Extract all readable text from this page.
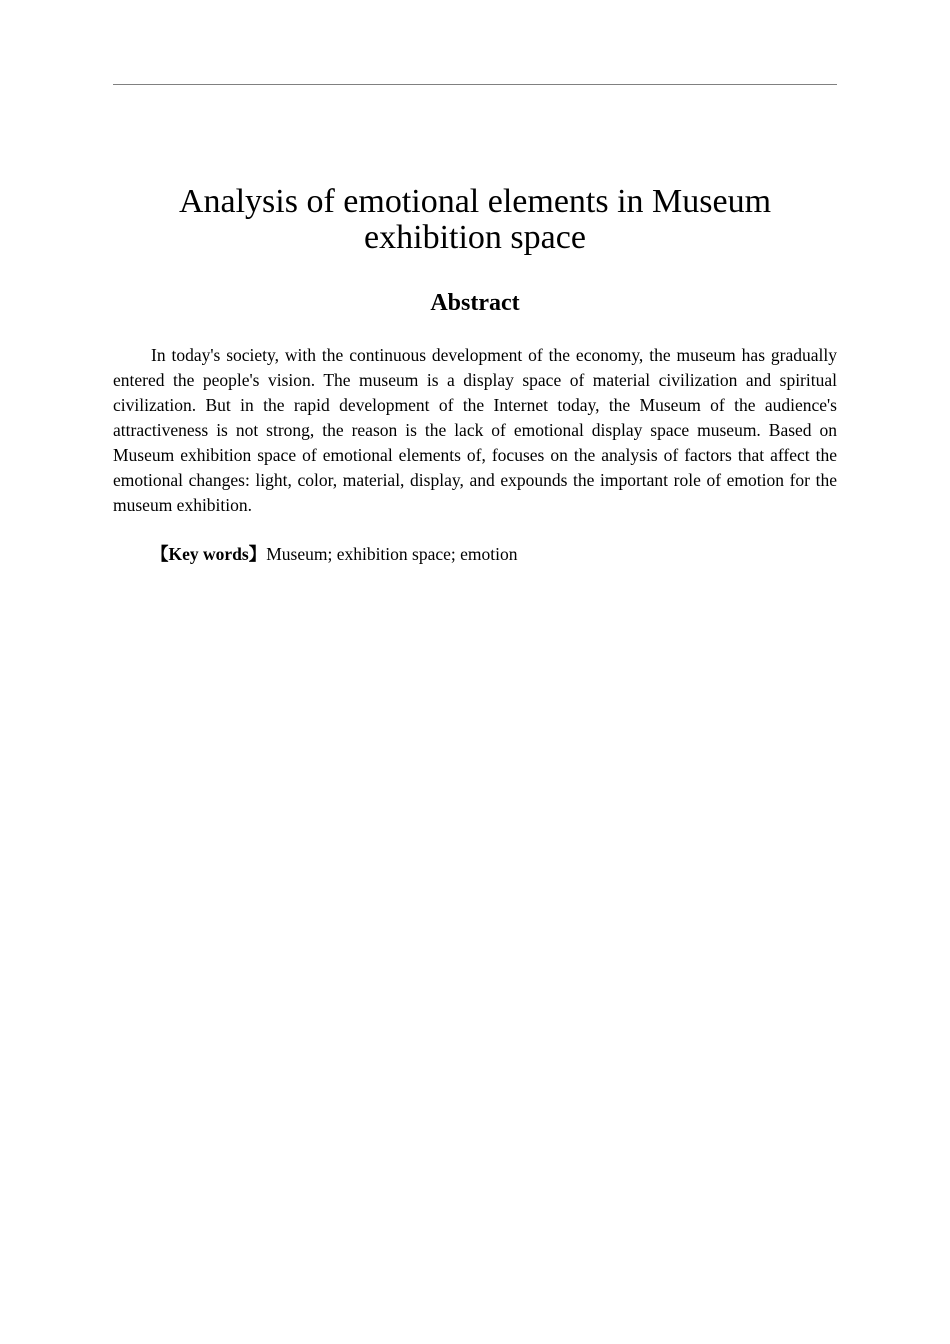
Analysis of emotional elements in Museum exhibition space
Abstract

In today's society, with the continuous development of the economy, the museum has gradually entered the people's vision. The museum is a display space of material civilization and spiritual civilization. But in the rapid development of the Internet today, the Museum of the audience's attractiveness is not strong, the reason is the lack of emotional display space museum. Based on Museum exhibition space of emotional elements of, focuses on the analysis of factors that affect the emotional changes: light, color, material, display, and expounds the important role of emotion for the museum exhibition.

【Key words】Museum; exhibition space; emotion
